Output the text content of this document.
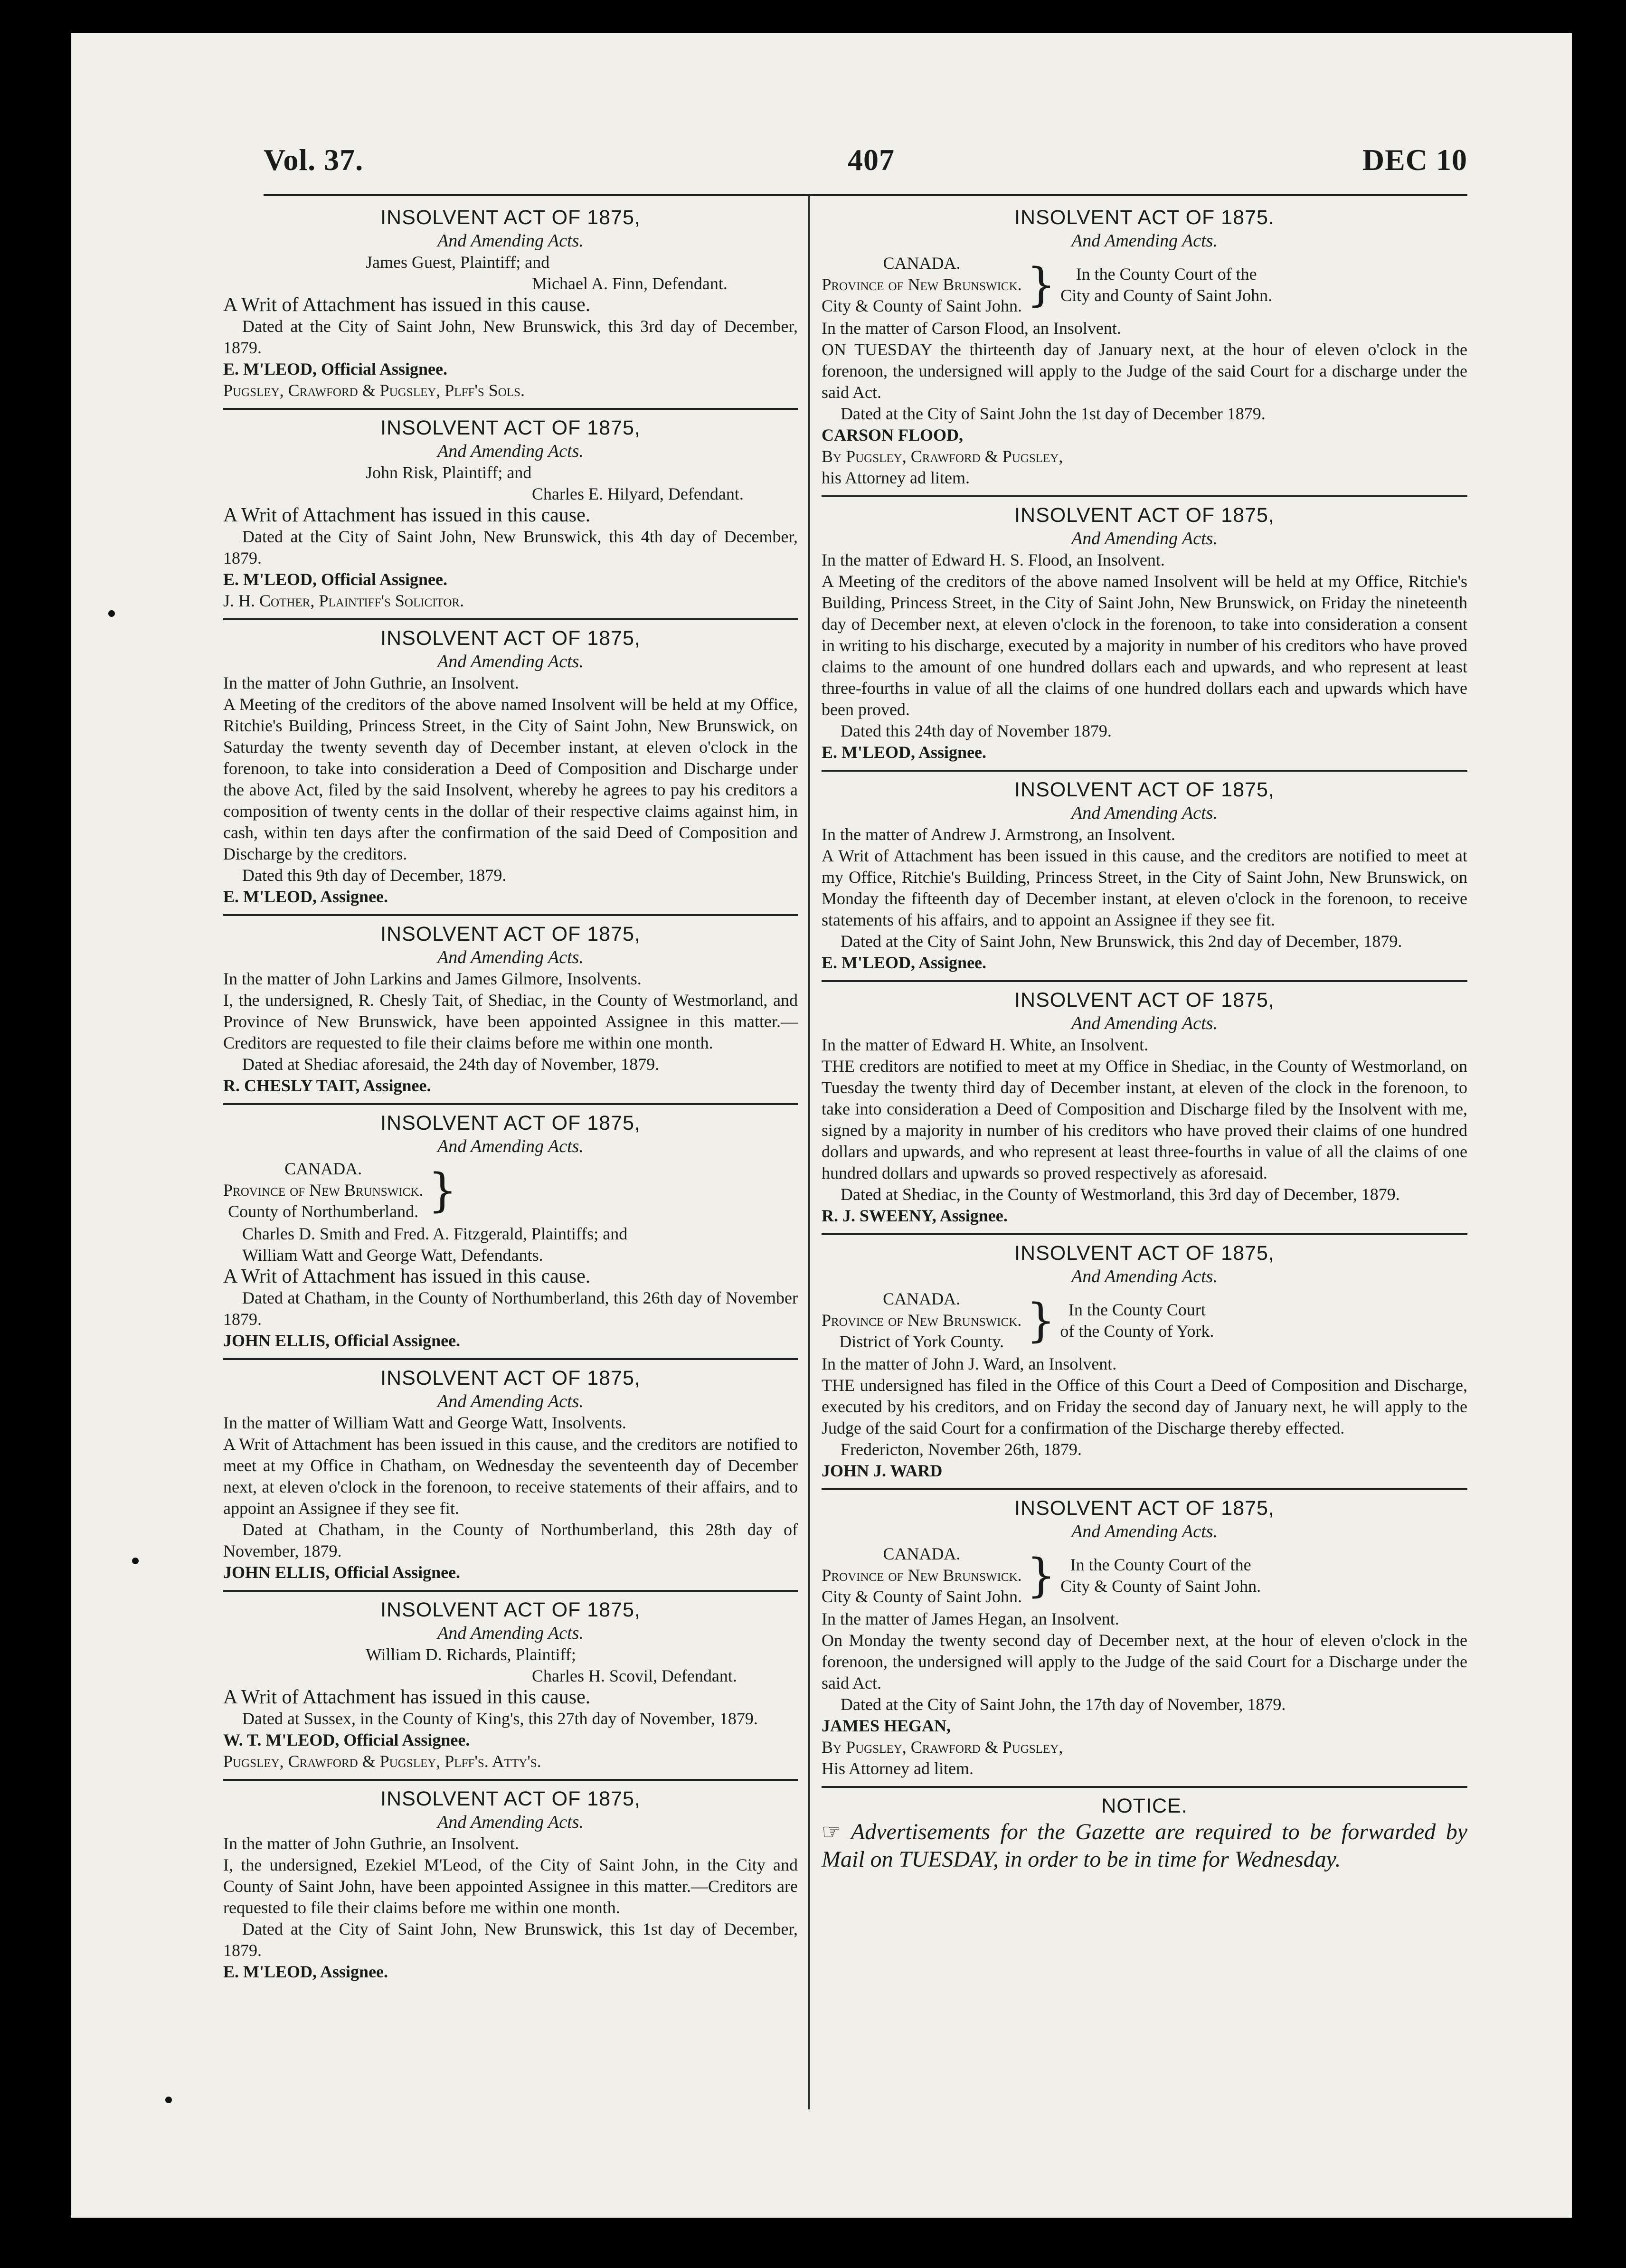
Vol. 37.	407	DEC 10
INSOLVENT ACT OF 1875,
And Amending Acts.

James Guest, Plaintiff; and

Michael A. Finn, Defendant.

A Writ of Attachment has issued in this cause.

Dated at the City of Saint John, New Brunswick, this 3rd day of December, 1879.

E. M'LEOD, Official Assignee.

Pugsley, Crawford & Pugsley, Plff's Sols.

INSOLVENT ACT OF 1875,
And Amending Acts.

John Risk, Plaintiff; and

Charles E. Hilyard, Defendant.

A Writ of Attachment has issued in this cause.

Dated at the City of Saint John, New Brunswick, this 4th day of December, 1879.

E. M'LEOD, Official Assignee.

J. H. Cother, Plaintiff's Solicitor.

INSOLVENT ACT OF 1875,
And Amending Acts.

In the matter of John Guthrie, an Insolvent.

A Meeting of the creditors of the above named Insolvent will be held at my Office, Ritchie's Building, Princess Street, in the City of Saint John, New Brunswick, on Saturday the twenty seventh day of December instant, at eleven o'clock in the forenoon, to take into consideration a Deed of Composition and Discharge under the above Act, filed by the said Insolvent, whereby he agrees to pay his creditors a composition of twenty cents in the dollar of their respective claims against him, in cash, within ten days after the confirmation of the said Deed of Composition and Discharge by the creditors.

Dated this 9th day of December, 1879.

E. M'LEOD, Assignee.

INSOLVENT ACT OF 1875,
And Amending Acts.

In the matter of John Larkins and James Gilmore, Insolvents.

I, the undersigned, R. Chesly Tait, of Shediac, in the County of Westmorland, and Province of New Brunswick, have been appointed Assignee in this matter.—Creditors are requested to file their claims before me within one month.

Dated at Shediac aforesaid, the 24th day of November, 1879.

R. CHESLY TAIT, Assignee.

INSOLVENT ACT OF 1875,
And Amending Acts.
CANADA.
Province of New Brunswick.
County of Northumberland. }

Charles D. Smith and Fred. A. Fitzgerald, Plaintiffs; and

William Watt and George Watt, Defendants.

A Writ of Attachment has issued in this cause.

Dated at Chatham, in the County of Northumberland, this 26th day of November 1879.

JOHN ELLIS, Official Assignee.

INSOLVENT ACT OF 1875,
And Amending Acts.

In the matter of William Watt and George Watt, Insolvents.

A Writ of Attachment has been issued in this cause, and the creditors are notified to meet at my Office in Chatham, on Wednesday the seventeenth day of December next, at eleven o'clock in the forenoon, to receive statements of their affairs, and to appoint an Assignee if they see fit.

Dated at Chatham, in the County of Northumberland, this 28th day of November, 1879.

JOHN ELLIS, Official Assignee.

INSOLVENT ACT OF 1875,
And Amending Acts.

William D. Richards, Plaintiff;

Charles H. Scovil, Defendant.

A Writ of Attachment has issued in this cause.

Dated at Sussex, in the County of King's, this 27th day of November, 1879.

W. T. M'LEOD, Official Assignee.

Pugsley, Crawford & Pugsley, Plff's. Atty's.

INSOLVENT ACT OF 1875,
And Amending Acts.

In the matter of John Guthrie, an Insolvent.

I, the undersigned, Ezekiel M'Leod, of the City of Saint John, in the City and County of Saint John, have been appointed Assignee in this matter.—Creditors are requested to file their claims before me within one month.

Dated at the City of Saint John, New Brunswick, this 1st day of December, 1879.

E. M'LEOD, Assignee.

INSOLVENT ACT OF 1875.
And Amending Acts.
CANADA.
Province of New Brunswick.
City & County of Saint John. }	In the County Court of the
City and County of Saint John.

In the matter of Carson Flood, an Insolvent.

ON TUESDAY the thirteenth day of January next, at the hour of eleven o'clock in the forenoon, the undersigned will apply to the Judge of the said Court for a discharge under the said Act.

Dated at the City of Saint John the 1st day of December 1879.

CARSON FLOOD,

By Pugsley, Crawford & Pugsley,

his Attorney ad litem.

INSOLVENT ACT OF 1875,
And Amending Acts.

In the matter of Edward H. S. Flood, an Insolvent.

A Meeting of the creditors of the above named Insolvent will be held at my Office, Ritchie's Building, Princess Street, in the City of Saint John, New Brunswick, on Friday the nineteenth day of December next, at eleven o'clock in the forenoon, to take into consideration a consent in writing to his discharge, executed by a majority in number of his creditors who have proved claims to the amount of one hundred dollars each and upwards, and who represent at least three-fourths in value of all the claims of one hundred dollars each and upwards which have been proved.

Dated this 24th day of November 1879.

E. M'LEOD, Assignee.

INSOLVENT ACT OF 1875,
And Amending Acts.

In the matter of Andrew J. Armstrong, an Insolvent.

A Writ of Attachment has been issued in this cause, and the creditors are notified to meet at my Office, Ritchie's Building, Princess Street, in the City of Saint John, New Brunswick, on Monday the fifteenth day of December instant, at eleven o'clock in the forenoon, to receive statements of his affairs, and to appoint an Assignee if they see fit.

Dated at the City of Saint John, New Brunswick, this 2nd day of December, 1879.

E. M'LEOD, Assignee.

INSOLVENT ACT OF 1875,
And Amending Acts.

In the matter of Edward H. White, an Insolvent.

THE creditors are notified to meet at my Office in Shediac, in the County of Westmorland, on Tuesday the twenty third day of December instant, at eleven of the clock in the forenoon, to take into consideration a Deed of Composition and Discharge filed by the Insolvent with me, signed by a majority in number of his creditors who have proved their claims of one hundred dollars and upwards, and who represent at least three-fourths in value of all the claims of one hundred dollars and upwards so proved respectively as aforesaid.

Dated at Shediac, in the County of Westmorland, this 3rd day of December, 1879.

R. J. SWEENY, Assignee.

INSOLVENT ACT OF 1875,
And Amending Acts.
CANADA.
Province of New Brunswick.
District of York County. } In the County Court
of the County of York.

In the matter of John J. Ward, an Insolvent.

THE undersigned has filed in the Office of this Court a Deed of Composition and Discharge, executed by his creditors, and on Friday the second day of January next, he will apply to the Judge of the said Court for a confirmation of the Discharge thereby effected.

Fredericton, November 26th, 1879.

JOHN J. WARD

INSOLVENT ACT OF 1875,
And Amending Acts.
CANADA.
Province of New Brunswick.
City & County of Saint John. } In the County Court of the
City & County of Saint John.

In the matter of James Hegan, an Insolvent.

On Monday the twenty second day of December next, at the hour of eleven o'clock in the forenoon, the undersigned will apply to the Judge of the said Court for a Discharge under the said Act.

Dated at the City of Saint John, the 17th day of November, 1879.

JAMES HEGAN,

By Pugsley, Crawford & Pugsley,

His Attorney ad litem.

NOTICE.

☞ Advertisements for the Gazette are required to be forwarded by Mail on TUESDAY, in order to be in time for Wednesday.
